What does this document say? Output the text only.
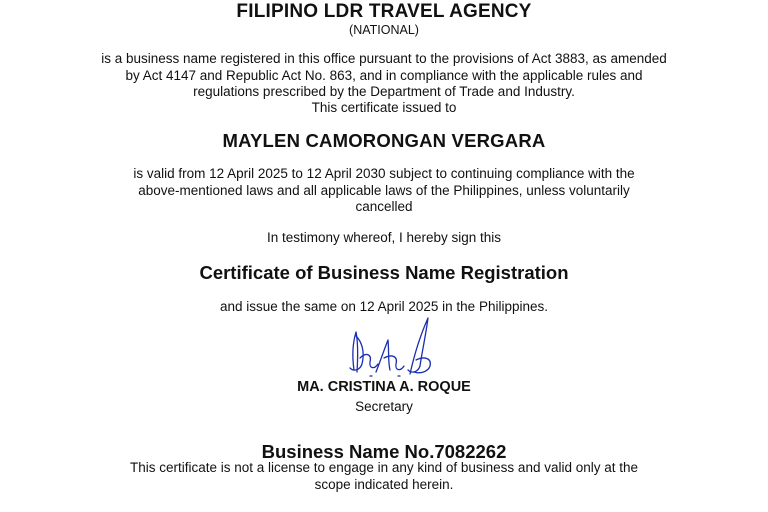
FILIPINO LDR TRAVEL AGENCY
(NATIONAL)
is a business name registered in this office pursuant to the provisions of Act 3883, as amended
by Act 4147 and Republic Act No. 863, and in compliance with the applicable rules and
regulations prescribed by the Department of Trade and Industry.
This certificate issued to
MAYLEN CAMORONGAN VERGARA
is valid from 12 April 2025 to 12 April 2030 subject to continuing compliance with the
above-mentioned laws and all applicable laws of the Philippines, unless voluntarily
cancelled
In testimony whereof, I hereby sign this
Certificate of Business Name Registration
and issue the same on 12 April 2025 in the Philippines.
MA. CRISTINA A. ROQUE
Secretary
Business Name No.7082262
This certificate is not a license to engage in any kind of business and valid only at the
scope indicated herein.
